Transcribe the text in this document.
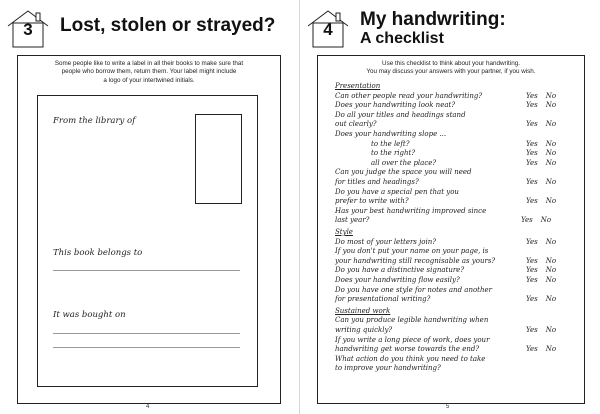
3	Lost, stolen or strayed?
Some people like to write a label in all their books to make sure that
people who borrow them, return them. Your label might include
a logo of your intertwined initials.
From the library of
This book belongs to
It was bought on
4
4	My handwriting:
A checklist
Use this checklist to think about your handwriting.
You may discuss your answers with your partner, if you wish.
5
Presentation
Can other people read your handwriting?	Yes No
Does your handwriting look neat?	Yes No
Do all your titles and headings stand
out clearly?	Yes No
Does your handwriting slope ...
to the left?	Yes No
to the right?	Yes No
all over the place?	Yes No
Can you judge the space you will need
for titles and headings?	Yes No
Do you have a special pen that you
prefer to write with?	Yes No
Has your best handwriting improved since
last year?	Yes No
Style
Do most of your letters join?	Yes No
If you don't put your name on your page, is
your handwriting still recognisable as yours?	Yes No
Do you have a distinctive signature?	Yes No
Does your handwriting flow easily?	Yes No
Do you have one style for notes and another
for presentational writing?	Yes No
Sustained work
Can you produce legible handwriting when
writing quickly?	Yes No
If you write a long piece of work, does your
handwriting get worse towards the end?	Yes No
What action do you think you need to take
to improve your handwriting?
